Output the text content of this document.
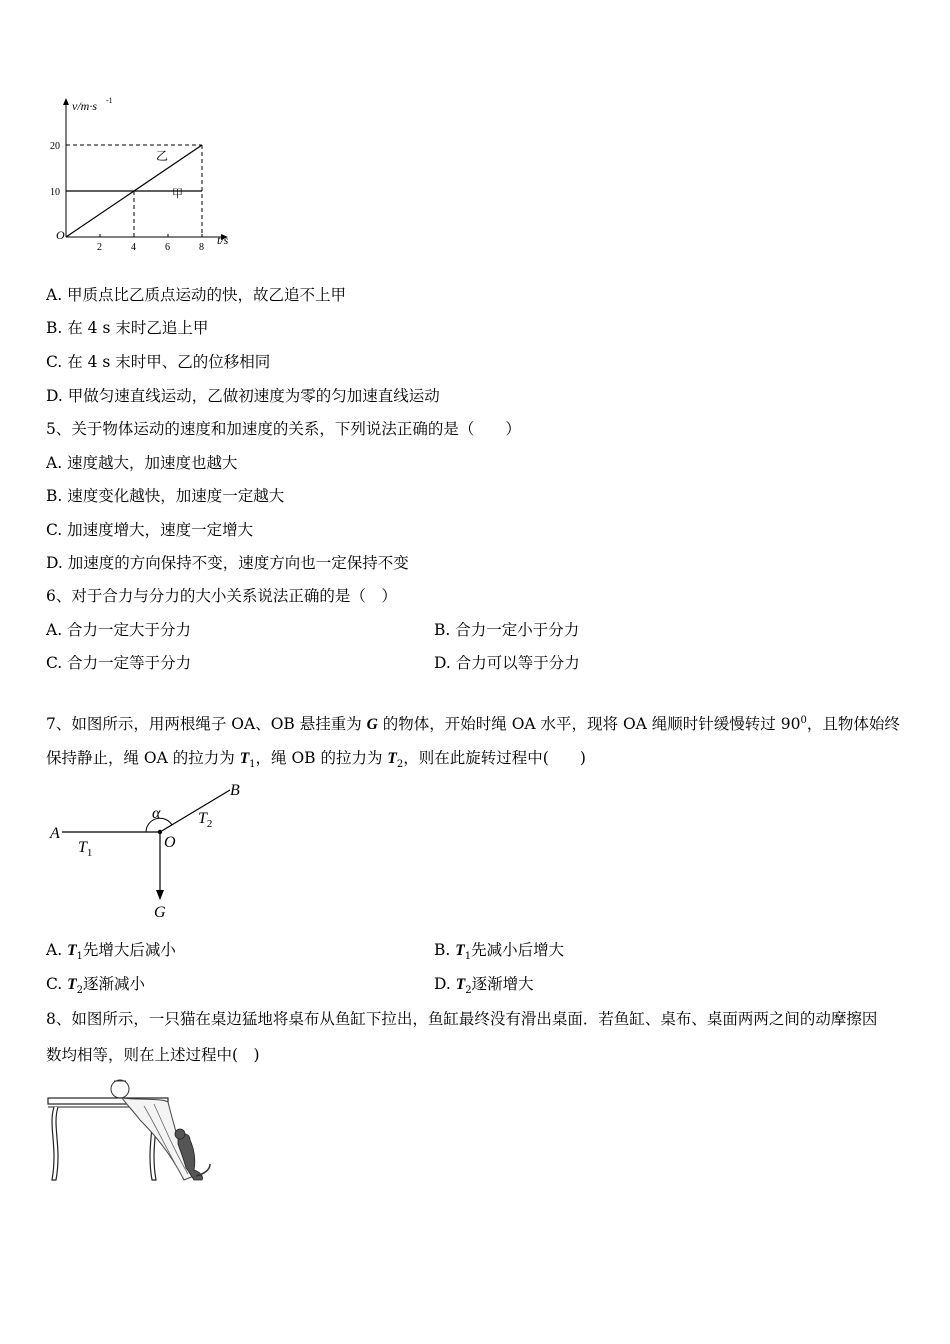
2	4	6	8
20
10
v/m·s -1
t/s
O
乙
甲
A. 甲质点比乙质点运动的快，故乙追不上甲
B. 在 4 s 末时乙追上甲
C. 在 4 s 末时甲、乙的位移相同
D. 甲做匀速直线运动，乙做初速度为零的匀加速直线运动
5、关于物体运动的速度和加速度的关系，下列说法正确的是（　　）
A. 速度越大，加速度也越大
B. 速度变化越快，加速度一定越大
C. 加速度增大，速度一定增大
D. 加速度的方向保持不变，速度方向也一定保持不变
6、对于合力与分力的大小关系说法正确的是（　）
A. 合力一定大于分力	B. 合力一定小于分力
C. 合力一定等于分力	D. 合力可以等于分力
7、如图所示，用两根绳子 OA、OB 悬挂重为 G 的物体，开始时绳 OA 水平，现将 OA 绳顺时针缓慢转过 $90^0$，且物体始终
保持静止，绳 OA 的拉力为 $T_1$，绳 OB 的拉力为 $T_2$，则在此旋转过程中(　　)
A
B
O
G
α
$T_1$
$T_2$
A. $T_1$先增大后减小	B. $T_1$先减小后增大
C. $T_2$逐渐减小	D. $T_2$逐渐增大
8、如图所示，一只猫在桌边猛地将桌布从鱼缸下拉出，鱼缸最终没有滑出桌面．若鱼缸、桌布、桌面两两之间的动摩擦因
数均相等，则在上述过程中(　)
